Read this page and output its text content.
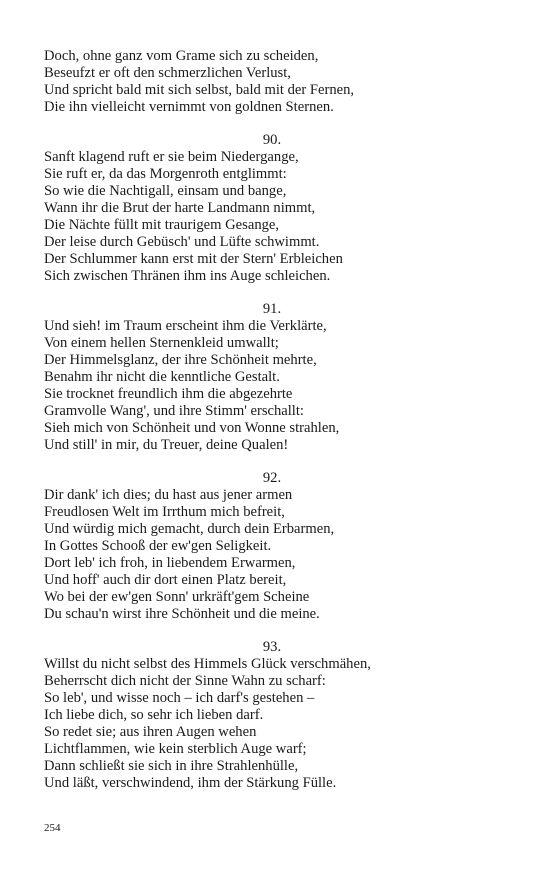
Doch, ohne ganz vom Grame sich zu scheiden,
Beseufzt er oft den schmerzlichen Verlust,
Und spricht bald mit sich selbst, bald mit der Fernen,
Die ihn vielleicht vernimmt von goldnen Sternen.
90.
Sanft klagend ruft er sie beim Niedergange,
Sie ruft er, da das Morgenroth entglimmt:
So wie die Nachtigall, einsam und bange,
Wann ihr die Brut der harte Landmann nimmt,
Die Nächte füllt mit traurigem Gesange,
Der leise durch Gebüsch' und Lüfte schwimmt.
Der Schlummer kann erst mit der Stern' Erbleichen
Sich zwischen Thränen ihm ins Auge schleichen.
91.
Und sieh! im Traum erscheint ihm die Verklärte,
Von einem hellen Sternenkleid umwallt;
Der Himmelsglanz, der ihre Schönheit mehrte,
Benahm ihr nicht die kenntliche Gestalt.
Sie trocknet freundlich ihm die abgezehrte
Gramvolle Wang', und ihre Stimm' erschallt:
Sieh mich von Schönheit und von Wonne strahlen,
Und still' in mir, du Treuer, deine Qualen!
92.
Dir dank' ich dies; du hast aus jener armen
Freudlosen Welt im Irrthum mich befreit,
Und würdig mich gemacht, durch dein Erbarmen,
In Gottes Schooß der ew'gen Seligkeit.
Dort leb' ich froh, in liebendem Erwarmen,
Und hoff' auch dir dort einen Platz bereit,
Wo bei der ew'gen Sonn' urkräft'gem Scheine
Du schau'n wirst ihre Schönheit und die meine.
93.
Willst du nicht selbst des Himmels Glück verschmähen,
Beherrscht dich nicht der Sinne Wahn zu scharf:
So leb', und wisse noch – ich darf's gestehen –
Ich liebe dich, so sehr ich lieben darf.
So redet sie; aus ihren Augen wehen
Lichtflammen, wie kein sterblich Auge warf;
Dann schließt sie sich in ihre Strahlenhülle,
Und läßt, verschwindend, ihm der Stärkung Fülle.
254
